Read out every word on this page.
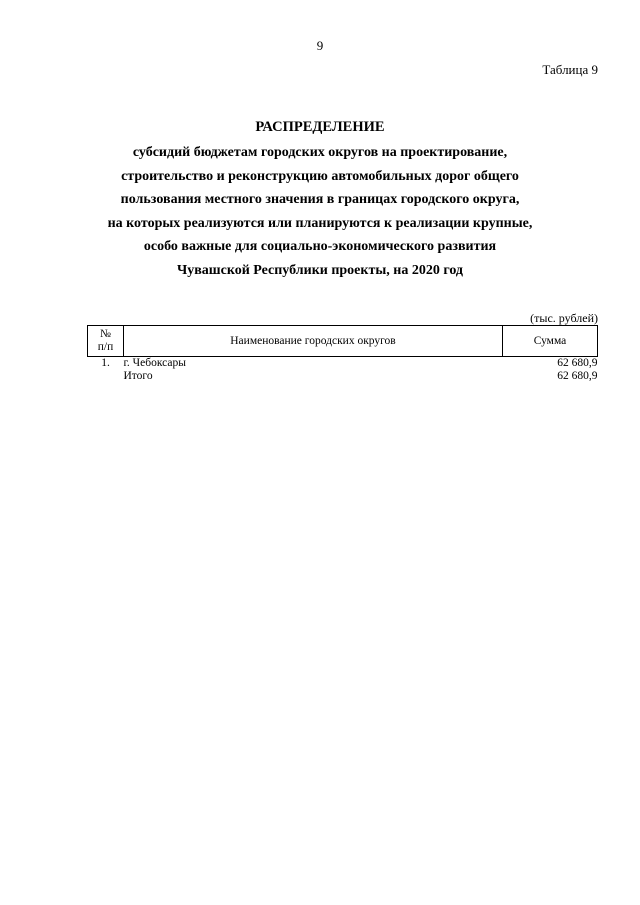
9
Таблица 9
РАСПРЕДЕЛЕНИЕ
субсидий бюджетам городских округов на проектирование,
строительство и реконструкцию автомобильных дорог общего
пользования местного значения в границах городского округа,
на которых реализуются или планируются к реализации крупные,
особо важные для социально-экономического развития
Чувашской Республики проекты, на 2020 год
(тыс. рублей)
№
п/п	Наименование городских округов	Сумма
1.	г. Чебоксары	62 680,9
	Итого	62 680,9
